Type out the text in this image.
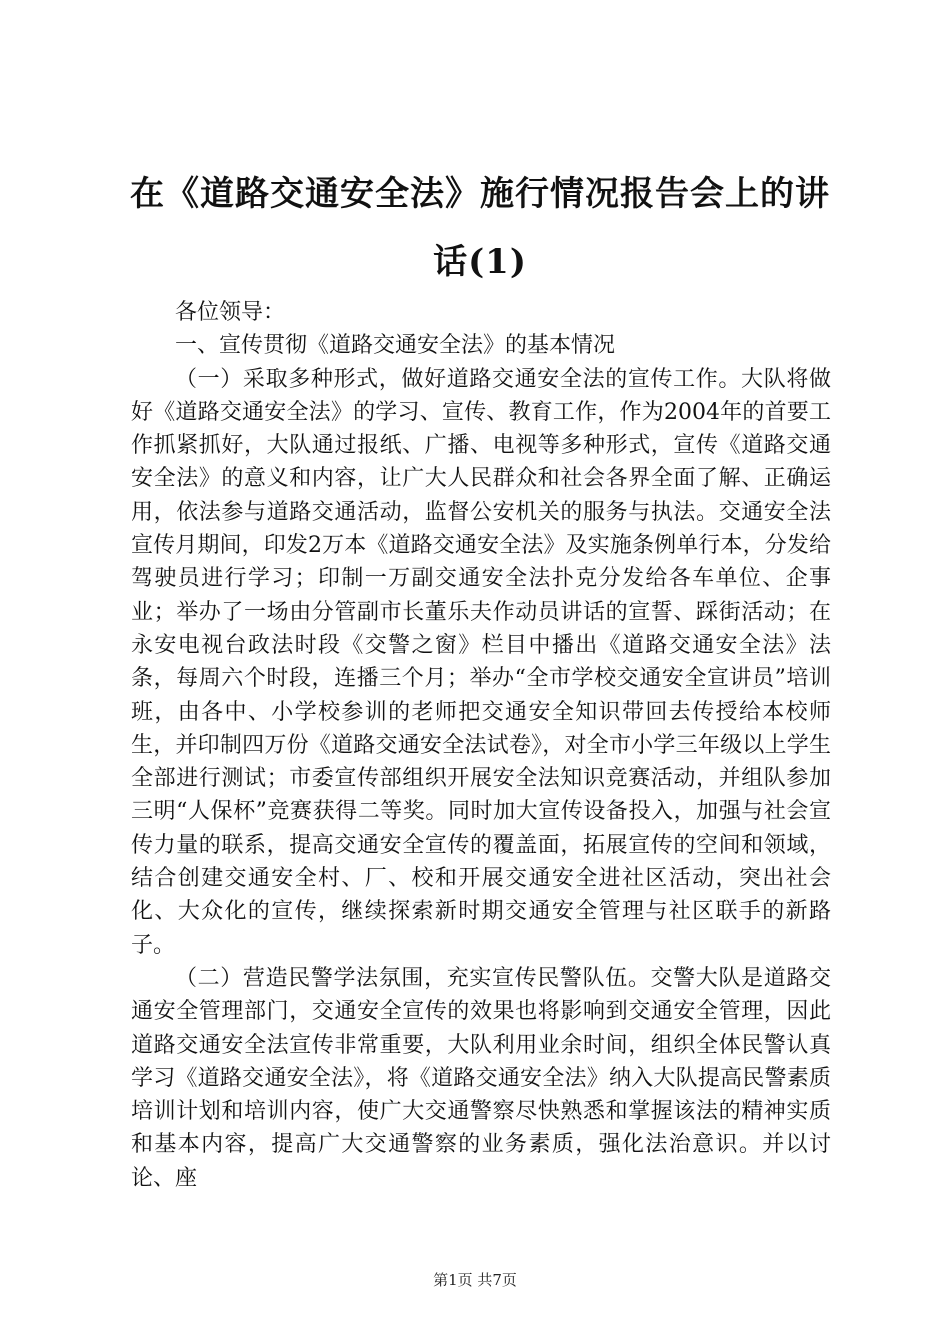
在《道路交通安全法》施行情况报告会上的讲话(1)

各位领导：

一、宣传贯彻《道路交通安全法》的基本情况

（一）采取多种形式，做好道路交通安全法的宣传工作。大队将做好《道路交通安全法》的学习、宣传、教育工作，作为2004年的首要工作抓紧抓好，大队通过报纸、广播、电视等多种形式，宣传《道路交通安全法》的意义和内容，让广大人民群众和社会各界全面了解、正确运用，依法参与道路交通活动，监督公安机关的服务与执法。交通安全法宣传月期间，印发2万本《道路交通安全法》及实施条例单行本，分发给驾驶员进行学习；印制一万副交通安全法扑克分发给各车单位、企事业；举办了一场由分管副市长董乐夫作动员讲话的宣誓、踩街活动；在永安电视台政法时段《交警之窗》栏目中播出《道路交通安全法》法条，每周六个时段，连播三个月；举办“全市学校交通安全宣讲员”培训班，由各中、小学校参训的老师把交通安全知识带回去传授给本校师生，并印制四万份《道路交通安全法试卷》，对全市小学三年级以上学生全部进行测试；市委宣传部组织开展安全法知识竞赛活动，并组队参加三明“人保杯”竞赛获得二等奖。同时加大宣传设备投入，加强与社会宣传力量的联系，提高交通安全宣传的覆盖面，拓展宣传的空间和领域，结合创建交通安全村、厂、校和开展交通安全进社区活动，突出社会化、大众化的宣传，继续探索新时期交通安全管理与社区联手的新路子。

（二）营造民警学法氛围，充实宣传民警队伍。交警大队是道路交通安全管理部门，交通安全宣传的效果也将影响到交通安全管理，因此道路交通安全法宣传非常重要，大队利用业余时间，组织全体民警认真学习《道路交通安全法》，将《道路交通安全法》纳入大队提高民警素质培训计划和培训内容，使广大交通警察尽快熟悉和掌握该法的精神实质和基本内容，提高广大交通警察的业务素质，强化法治意识。并以讨论、座

第1页 共7页
